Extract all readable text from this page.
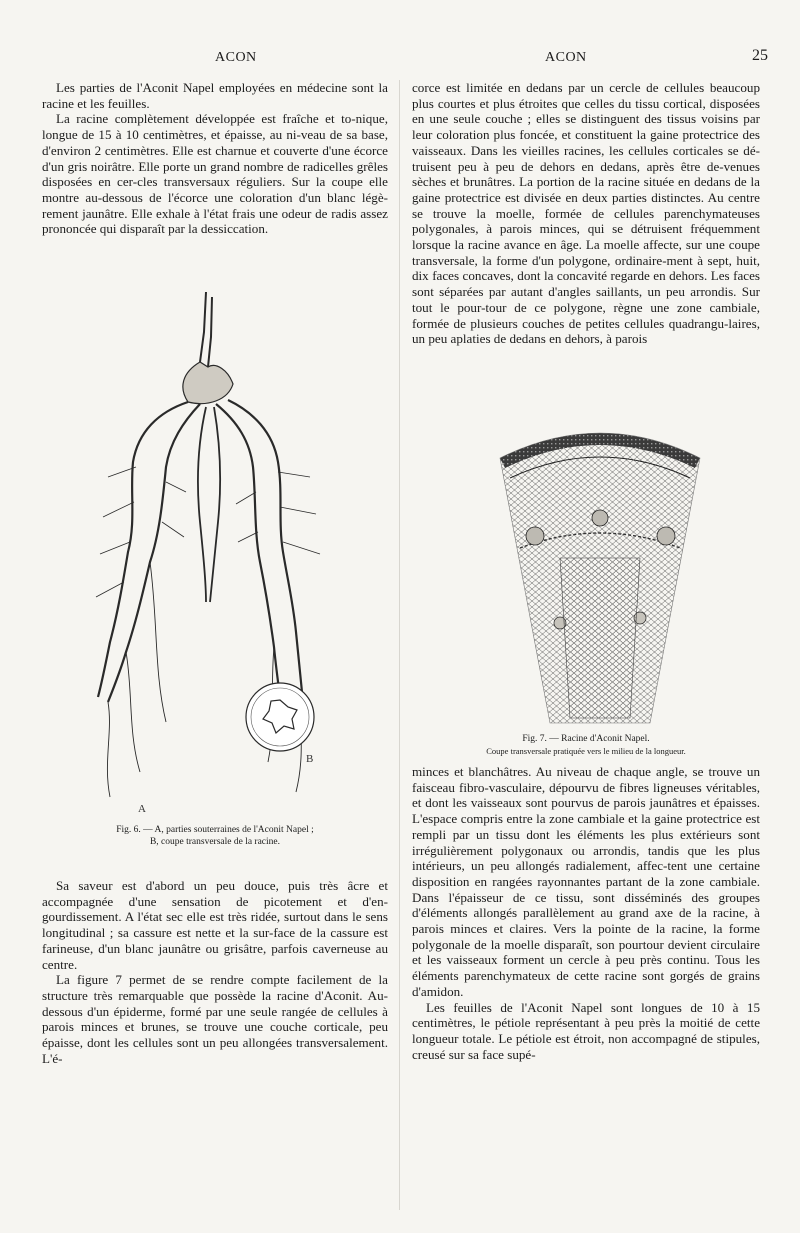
ACON	ACON	25

Les parties de l'Aconit Napel employées en médecine sont la racine et les feuilles.

La racine complètement développée est fraîche et to-nique, longue de 15 à 10 centimètres, et épaisse, au ni-veau de sa base, d'environ 2 centimètres. Elle est charnue et couverte d'une écorce d'un gris noirâtre. Elle porte un grand nombre de radicelles grêles disposées en cer-cles transversaux réguliers. Sur la coupe elle montre au-dessous de l'écorce une coloration d'un blanc légè-rement jaunâtre. Elle exhale à l'état frais une odeur de radis assez prononcée qui disparaît par la dessiccation.

A
B
Fig. 6. — A, parties souterraines de l'Aconit Napel ;
B, coupe transversale de la racine.

Sa saveur est d'abord un peu douce, puis très âcre et accompagnée d'une sensation de picotement et d'en-gourdissement. A l'état sec elle est très ridée, surtout dans le sens longitudinal ; sa cassure est nette et la sur-face de la cassure est farineuse, d'un blanc jaunâtre ou grisâtre, parfois caverneuse au centre.

La figure 7 permet de se rendre compte facilement de la structure très remarquable que possède la racine d'Aconit. Au-dessous d'un épiderme, formé par une seule rangée de cellules à parois minces et brunes, se trouve une couche corticale, peu épaisse, dont les cellules sont un peu allongées transversalement. L'é-

corce est limitée en dedans par un cercle de cellules beaucoup plus courtes et plus étroites que celles du tissu cortical, disposées en une seule couche ; elles se distinguent des tissus voisins par leur coloration plus foncée, et constituent la gaine protectrice des vaisseaux. Dans les vieilles racines, les cellules corticales se dé-truisent peu à peu de dehors en dedans, après être de-venues sèches et brunâtres. La portion de la racine située en dedans de la gaine protectrice est divisée en deux parties distinctes. Au centre se trouve la moelle, formée de cellules parenchymateuses polygonales, à parois minces, qui se détruisent fréquemment lorsque la racine avance en âge. La moelle affecte, sur une coupe transversale, la forme d'un polygone, ordinaire-ment à sept, huit, dix faces concaves, dont la concavité regarde en dehors. Les faces sont séparées par autant d'angles saillants, un peu arrondis. Sur tout le pour-tour de ce polygone, règne une zone cambiale, formée de plusieurs couches de petites cellules quadrangu-laires, un peu aplaties de dedans en dehors, à parois

Fig. 7. — Racine d'Aconit Napel.
Coupe transversale pratiquée vers le milieu de la longueur.

minces et blanchâtres. Au niveau de chaque angle, se trouve un faisceau fibro-vasculaire, dépourvu de fibres ligneuses véritables, et dont les vaisseaux sont pourvus de parois jaunâtres et épaisses. L'espace compris entre la zone cambiale et la gaine protectrice est rempli par un tissu dont les éléments les plus extérieurs sont irrégulièrement polygonaux ou arrondis, tandis que les plus intérieurs, un peu allongés radialement, affec-tent une certaine disposition en rangées rayonnantes partant de la zone cambiale. Dans l'épaisseur de ce tissu, sont disséminés des groupes d'éléments allongés parallèlement au grand axe de la racine, à parois minces et claires. Vers la pointe de la racine, la forme polygonale de la moelle disparaît, son pourtour devient circulaire et les vaisseaux forment un cercle à peu près continu. Tous les éléments parenchymateux de cette racine sont gorgés de grains d'amidon.

Les feuilles de l'Aconit Napel sont longues de 10 à 15 centimètres, le pétiole représentant à peu près la moitié de cette longueur totale. Le pétiole est étroit, non accompagné de stipules, creusé sur sa face supé-
